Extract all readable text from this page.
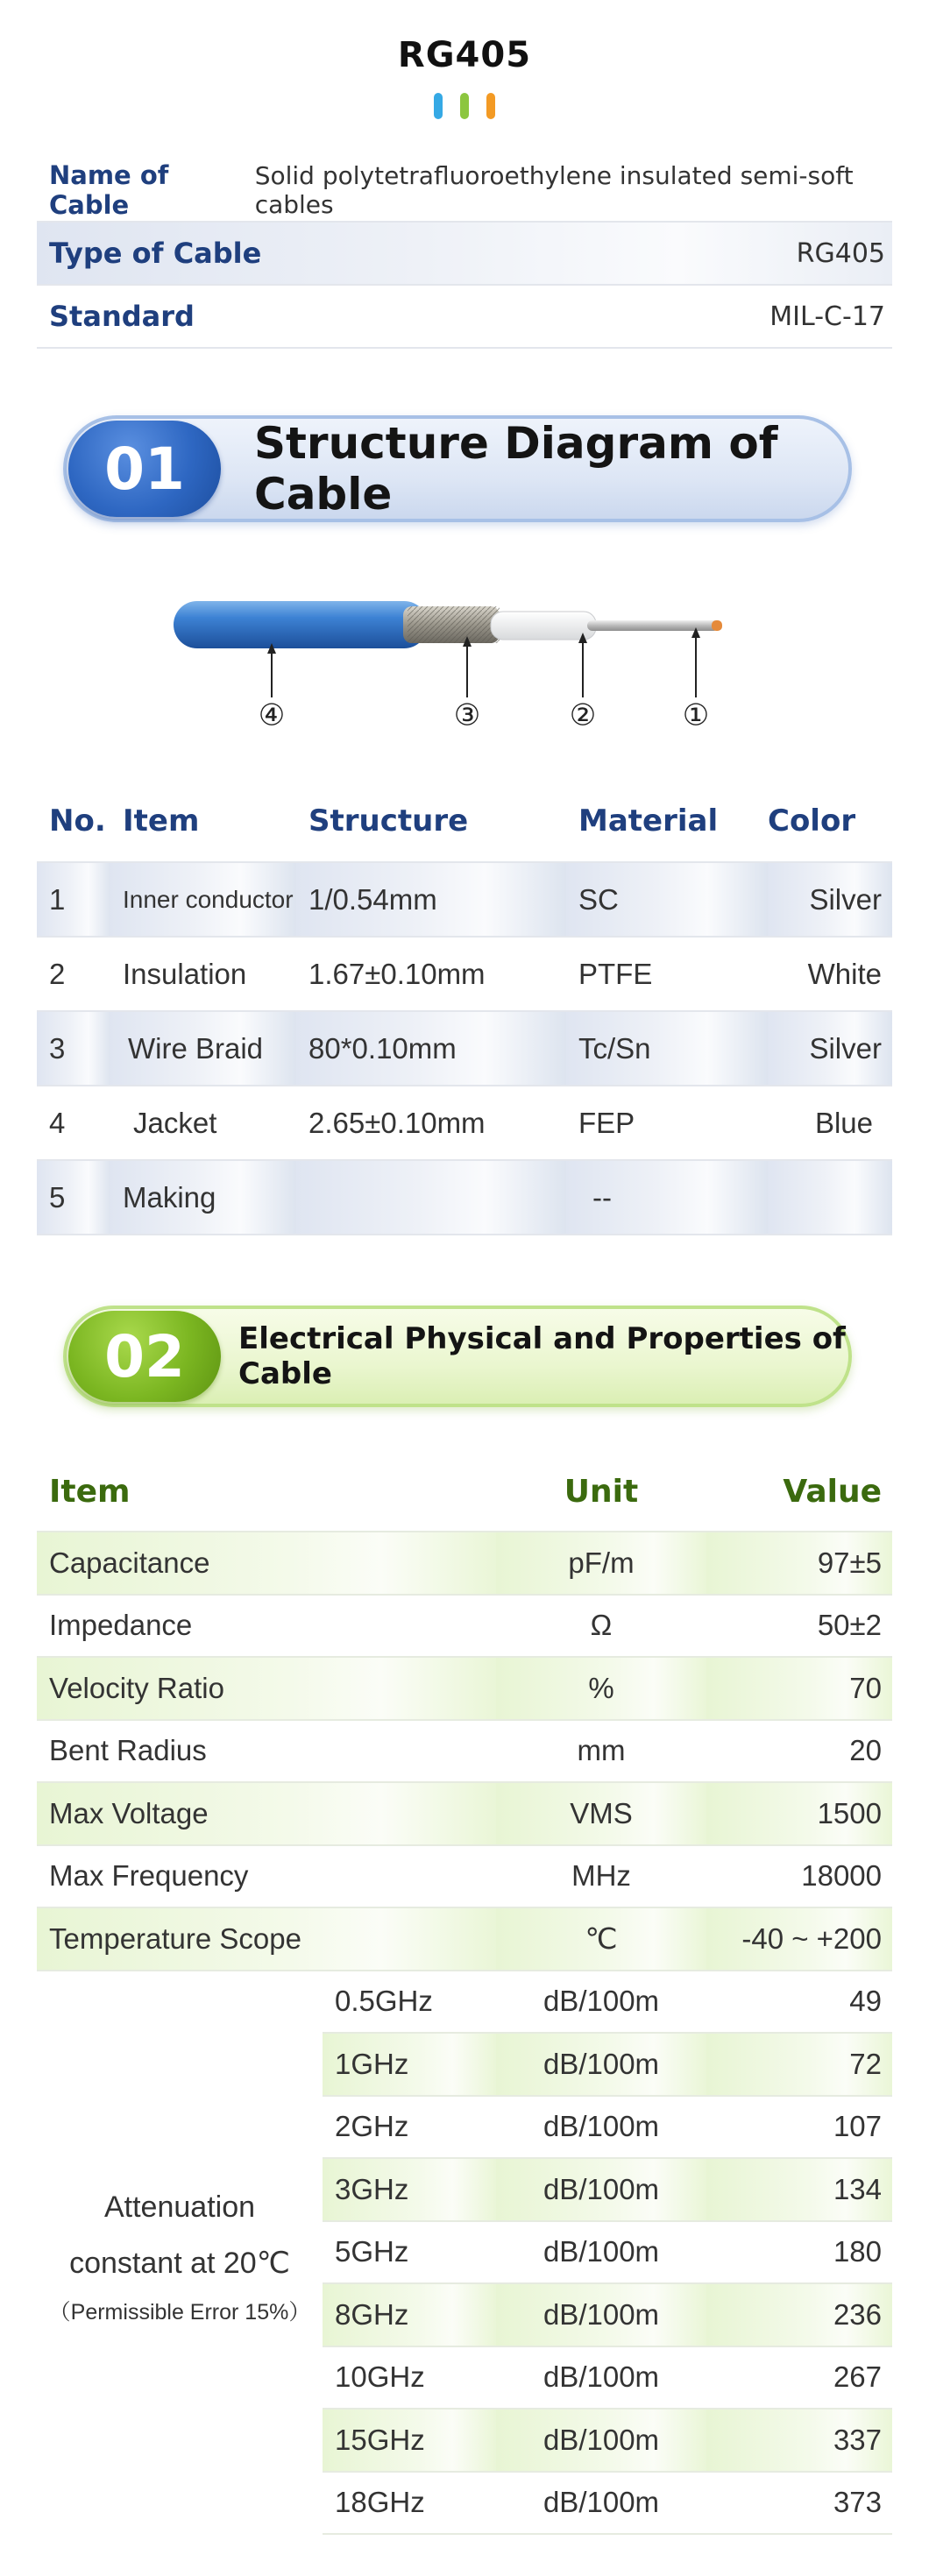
RG405
Name of Cable
Solid polytetrafluoroethylene insulated semi-soft cables
Type of Cable	RG405
Standard	MIL-C-17
01	Structure Diagram of Cable
④	③	②	①
No.	Item	Structure	Material	Color
1	Inner conductor	1/0.54mm	SC	Silver
2	Insulation	1.67±0.10mm	PTFE	White
3	Wire Braid	80*0.10mm	Tc/Sn	Silver
4	Jacket	2.65±0.10mm	FEP	Blue
5	Making		--	
02	Electrical Physical and Properties of Cable
Item		Unit	Value
Capacitance		pF/m	97±5
Impedance		Ω	50±2
Velocity Ratio		%	70
Bent Radius		mm	20
Max Voltage		VMS	1500
Max Frequency		MHz	18000
Temperature Scope		℃	-40 ~ +200

Attenuation
constant at 20℃
（Permissible Error 15%）	0.5GHz	dB/100m	49
	1GHz	dB/100m	72
	2GHz	dB/100m	107
	3GHz	dB/100m	134
	5GHz	dB/100m	180
	8GHz	dB/100m	236
	10GHz	dB/100m	267
	15GHz	dB/100m	337
	18GHz	dB/100m	373
